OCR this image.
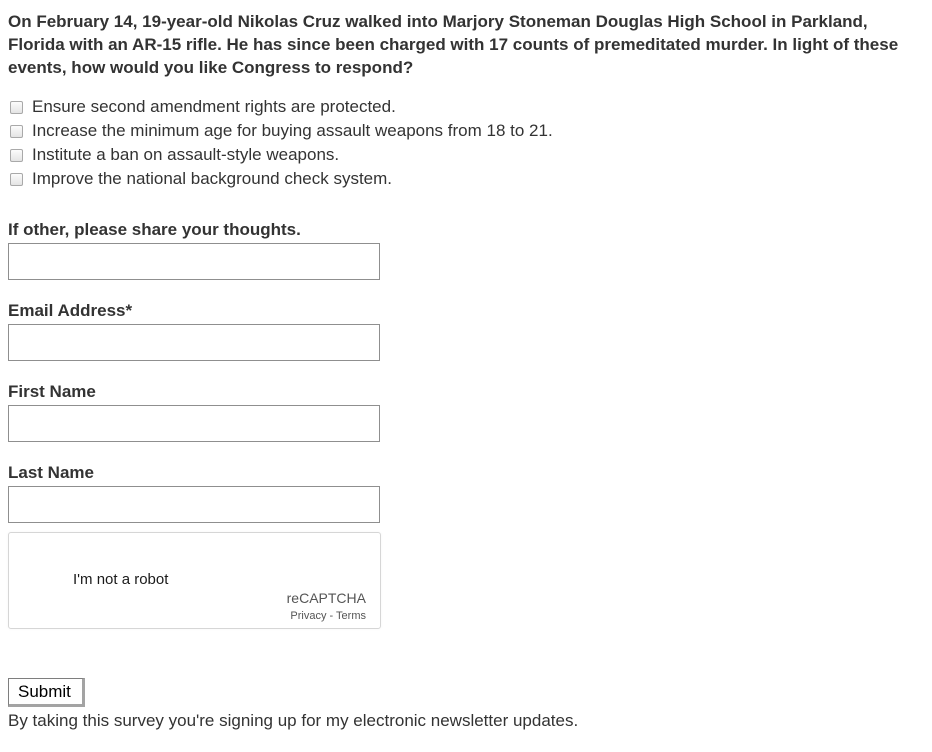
On February 14, 19-year-old Nikolas Cruz walked into Marjory Stoneman Douglas High School in Parkland, Florida with an AR-15 rifle. He has since been charged with 17 counts of premeditated murder. In light of these events, how would you like Congress to respond?

Ensure second amendment rights are protected.
Increase the minimum age for buying assault weapons from 18 to 21.
Institute a ban on assault-style weapons.
Improve the national background check system.
If other, please share your thoughts.
Email Address*
First Name
Last Name
I'm not a robot
reCAPTCHA
Privacy - Terms
Submit

By taking this survey you're signing up for my electronic newsletter updates.
